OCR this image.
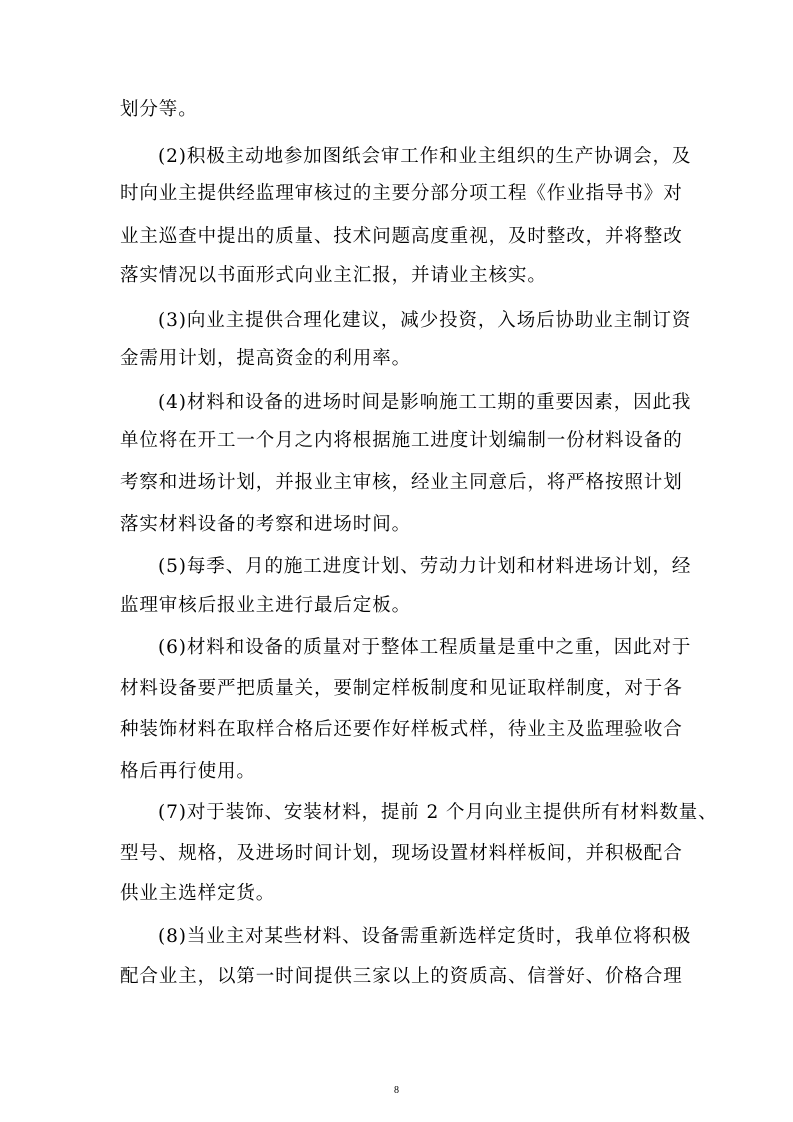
划分等。
(2)积极主动地参加图纸会审工作和业主组织的生产协调会，及
时向业主提供经监理审核过的主要分部分项工程《作业指导书》对
业主巡查中提出的质量、技术问题高度重视，及时整改，并将整改
落实情况以书面形式向业主汇报，并请业主核实。
(3)向业主提供合理化建议，减少投资，入场后协助业主制订资
金需用计划，提高资金的利用率。
(4)材料和设备的进场时间是影响施工工期的重要因素，因此我
单位将在开工一个月之内将根据施工进度计划编制一份材料设备的
考察和进场计划，并报业主审核，经业主同意后，将严格按照计划
落实材料设备的考察和进场时间。
(5)每季、月的施工进度计划、劳动力计划和材料进场计划，经
监理审核后报业主进行最后定板。
(6)材料和设备的质量对于整体工程质量是重中之重，因此对于
材料设备要严把质量关，要制定样板制度和见证取样制度，对于各
种装饰材料在取样合格后还要作好样板式样，待业主及监理验收合
格后再行使用。
(7)对于装饰、安装材料，提前 2 个月向业主提供所有材料数量、
型号、规格，及进场时间计划，现场设置材料样板间，并积极配合
供业主选样定货。
(8)当业主对某些材料、设备需重新选样定货时，我单位将积极
配合业主，以第一时间提供三家以上的资质高、信誉好、价格合理
8
